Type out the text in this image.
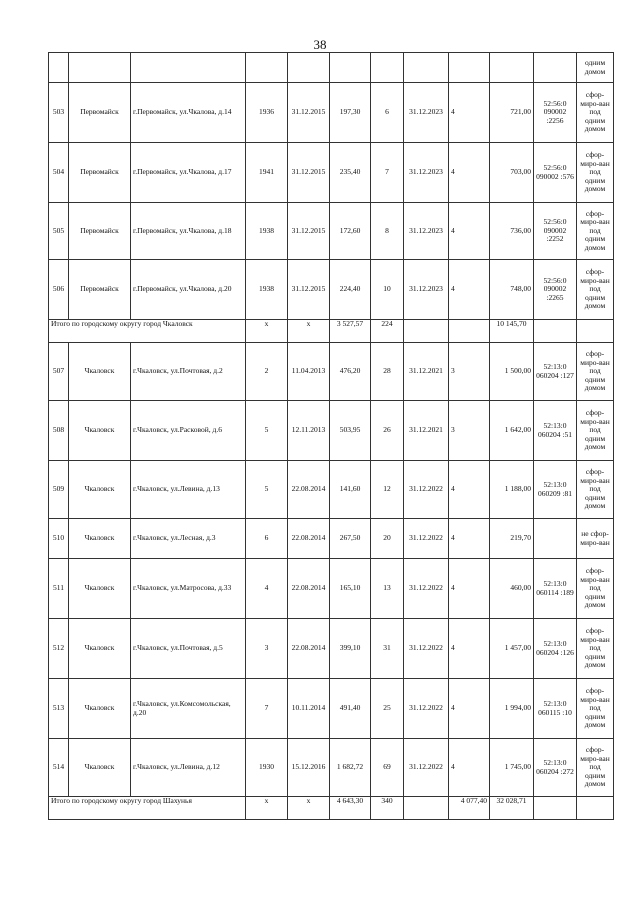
38
											одним домом
503	Первомайск	г.Первомайск, ул.Чкалова, д.14	1936	31.12.2015	197,30	6	31.12.2023	4	721,00	52:56:0 090002 :2256	сфор-миро-ван под одним домом
504	Первомайск	г.Первомайск, ул.Чкалова, д.17	1941	31.12.2015	235,40	7	31.12.2023	4	703,00	52:56:0 090002 :576	сфор-миро-ван под одним домом
505	Первомайск	г.Первомайск, ул.Чкалова, д.18	1938	31.12.2015	172,60	8	31.12.2023	4	736,00	52:56:0 090002 :2252	сфор-миро-ван под одним домом
506	Первомайск	г.Первомайск, ул.Чкалова, д.20	1938	31.12.2015	224,40	10	31.12.2023	4	748,00	52:56:0 090002 :2265	сфор-миро-ван под одним домом
Итого по городскому округу город Чкаловск			х	х	3 527,57	224			10 145,70		
507	Чкаловск	г.Чкаловск, ул.Почтовая, д.2	2	11.04.2013	476,20	28	31.12.2021	3	1 500,00	52:13:0 060204 :127	сфор-миро-ван под одним домом
508	Чкаловск	г.Чкаловск, ул.Расковой, д.6	5	12.11.2013	503,95	26	31.12.2021	3	1 642,00	52:13:0 060204 :51	сфор-миро-ван под одним домом
509	Чкаловск	г.Чкаловск, ул.Левина, д.13	5	22.08.2014	141,60	12	31.12.2022	4	1 188,00	52:13:0 060209 :81	сфор-миро-ван под одним домом
510	Чкаловск	г.Чкаловск, ул.Лесная, д.3	6	22.08.2014	267,50	20	31.12.2022	4	219,70		не сфор-миро-ван
511	Чкаловск	г.Чкаловск, ул.Матросова, д.33	4	22.08.2014	165,10	13	31.12.2022	4	460,00	52:13:0 060114 :189	сфор-миро-ван под одним домом
512	Чкаловск	г.Чкаловск, ул.Почтовая, д.5	3	22.08.2014	399,10	31	31.12.2022	4	1 457,00	52:13:0 060204 :126	сфор-миро-ван под одним домом
513	Чкаловск	г.Чкаловск, ул.Комсомольская, д.20	7	10.11.2014	491,40	25	31.12.2022	4	1 994,00	52:13:0 060115 :10	сфор-миро-ван под одним домом
514	Чкаловск	г.Чкаловск, ул.Левина, д.12	1930	15.12.2016	1 682,72	69	31.12.2022	4	1 745,00	52:13:0 060204 :272	сфор-миро-ван под одним домом
Итого по городскому округу город Шахунья			х	х	4 643,30	340		4 077,40	32 028,71		
